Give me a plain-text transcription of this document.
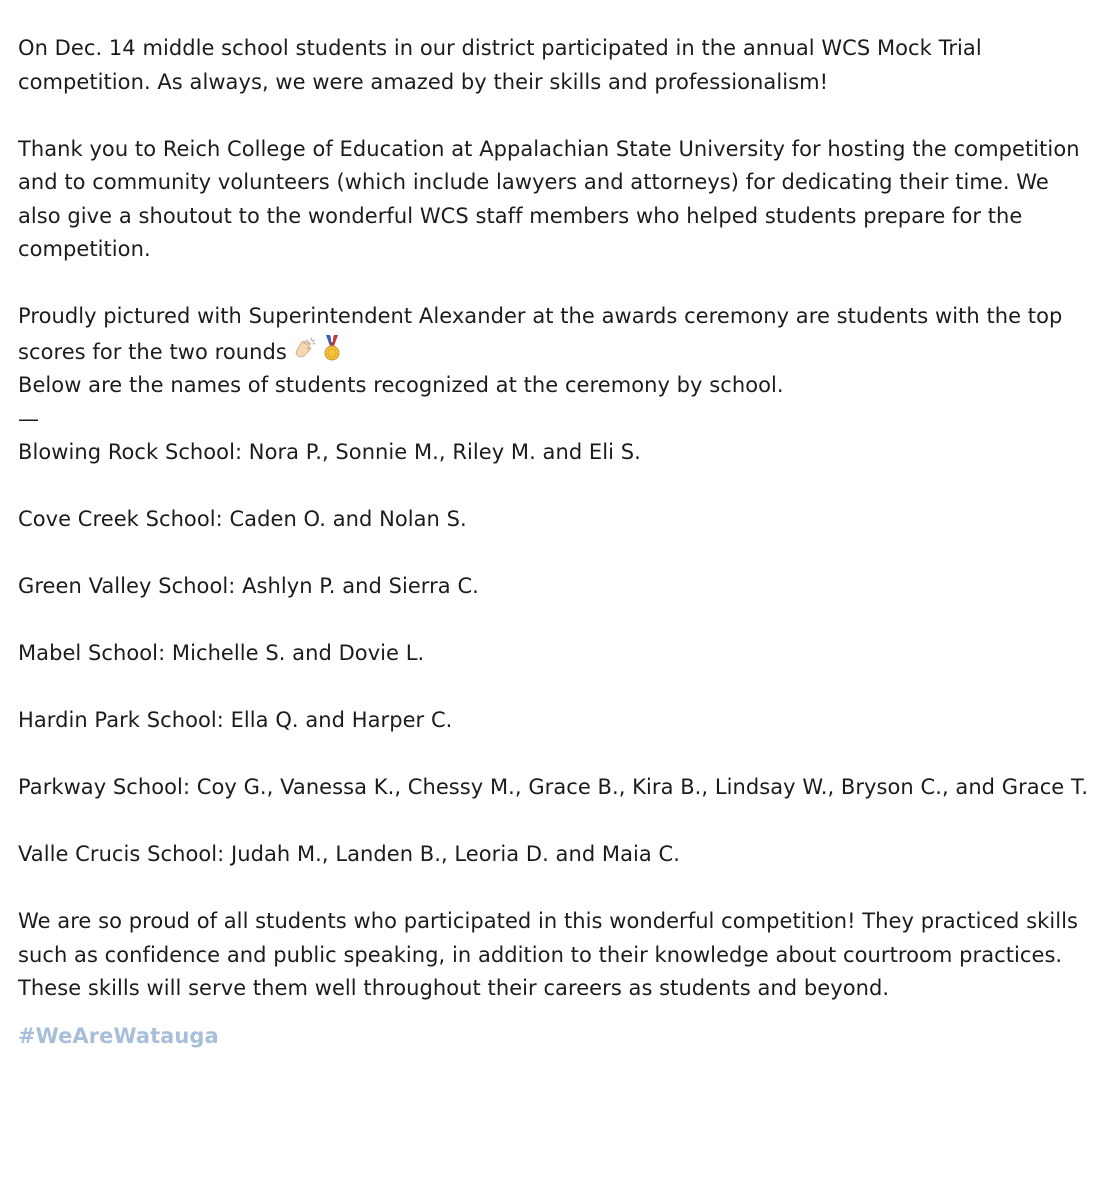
On Dec. 14 middle school students in our district participated in the annual WCS Mock Trial competition. As always, we were amazed by their skills and professionalism!

Thank you to Reich College of Education at Appalachian State University for hosting the competition and to community volunteers (which include lawyers and attorneys) for dedicating their time. We also give a shoutout to the wonderful WCS staff members who helped students prepare for the competition.

Proudly pictured with Superintendent Alexander at the awards ceremony are students with the top scores for the two rounds

Below are the names of students recognized at the ceremony by school.

—

Blowing Rock School: Nora P., Sonnie M., Riley M. and Eli S.

Cove Creek School: Caden O. and Nolan S.

Green Valley School: Ashlyn P. and Sierra C.

Mabel School: Michelle S. and Dovie L.

Hardin Park School: Ella Q. and Harper C.

Parkway School: Coy G., Vanessa K., Chessy M., Grace B., Kira B., Lindsay W., Bryson C., and Grace T.

Valle Crucis School: Judah M., Landen B., Leoria D. and Maia C.

We are so proud of all students who participated in this wonderful competition! They practiced skills such as confidence and public speaking, in addition to their knowledge about courtroom practices. These skills will serve them well throughout their careers as students and beyond.

#WeAreWatauga
